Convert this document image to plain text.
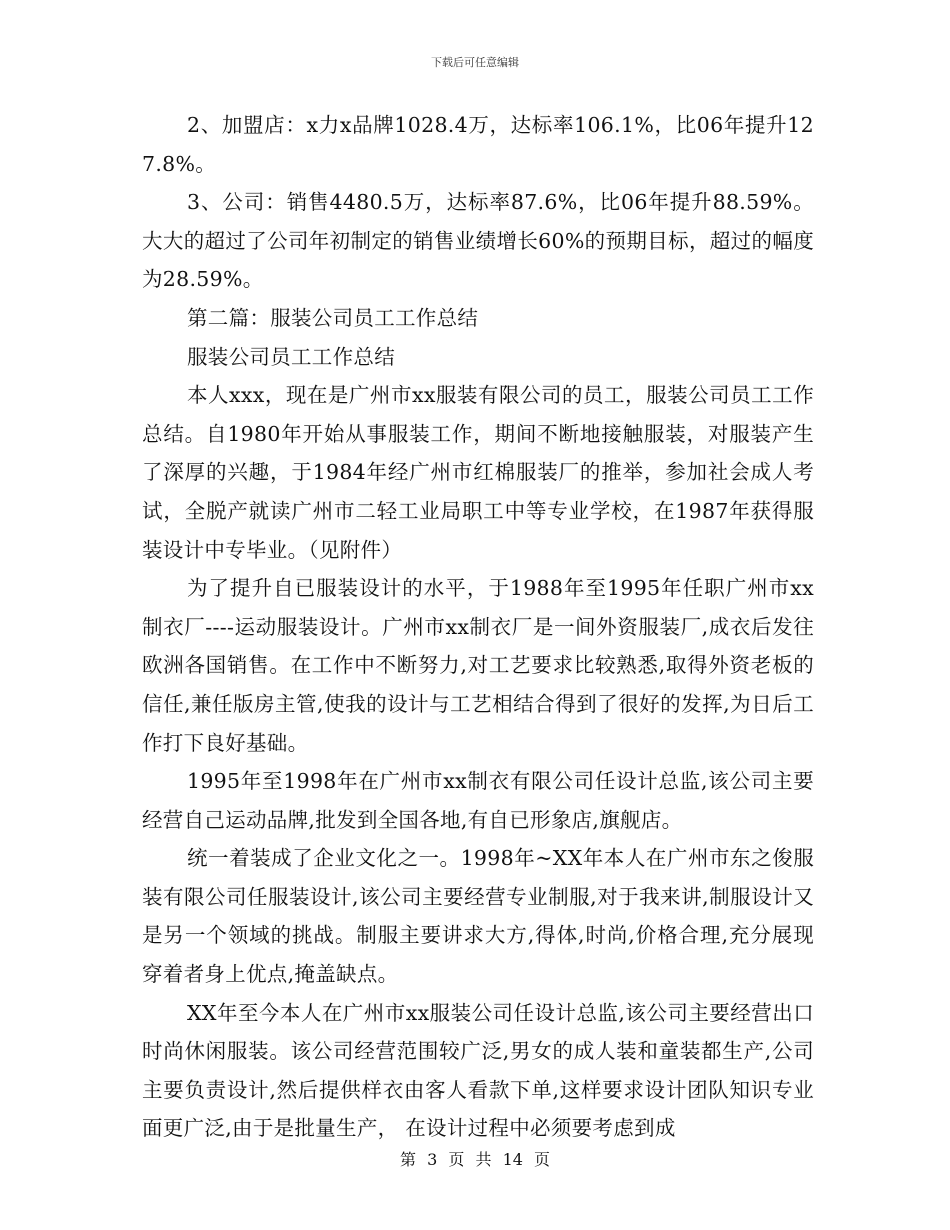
下载后可任意编辑

2、加盟店：x力x品牌1028.4万，达标率106.1%，比06年提升127.8%。

3、公司：销售4480.5万，达标率87.6%，比06年提升88.59%。大大的超过了公司年初制定的销售业绩增长60%的预期目标，超过的幅度为28.59%。

第二篇：服装公司员工工作总结

服装公司员工工作总结

本人xxx，现在是广州市xx服装有限公司的员工，服装公司员工工作总结。自1980年开始从事服装工作，期间不断地接触服装，对服装产生了深厚的兴趣，于1984年经广州市红棉服装厂的推举，参加社会成人考试，全脱产就读广州市二轻工业局职工中等专业学校，在1987年获得服装设计中专毕业。（见附件）

为了提升自已服装设计的水平，于1988年至1995年任职广州市xx制衣厂----运动服装设计。广州市xx制衣厂是一间外资服装厂,成衣后发往欧洲各国销售。在工作中不断努力,对工艺要求比较熟悉,取得外资老板的信任,兼任版房主管,使我的设计与工艺相结合得到了很好的发挥,为日后工作打下良好基础。

1995年至1998年在广州市xx制衣有限公司任设计总监,该公司主要经营自己运动品牌,批发到全国各地,有自已形象店,旗舰店。

统一着装成了企业文化之一。1998年~XX年本人在广州市东之俊服装有限公司任服装设计,该公司主要经营专业制服,对于我来讲,制服设计又是另一个领域的挑战。制服主要讲求大方,得体,时尚,价格合理,充分展现穿着者身上优点,掩盖缺点。

XX年至今本人在广州市xx服装公司任设计总监,该公司主要经营出口时尚休闲服装。该公司经营范围较广泛,男女的成人装和童装都生产,公司主要负责设计,然后提供样衣由客人看款下单,这样要求设计团队知识专业面更广泛,由于是批量生产， 在设计过程中必须要考虑到成

第 3 页 共 14 页
